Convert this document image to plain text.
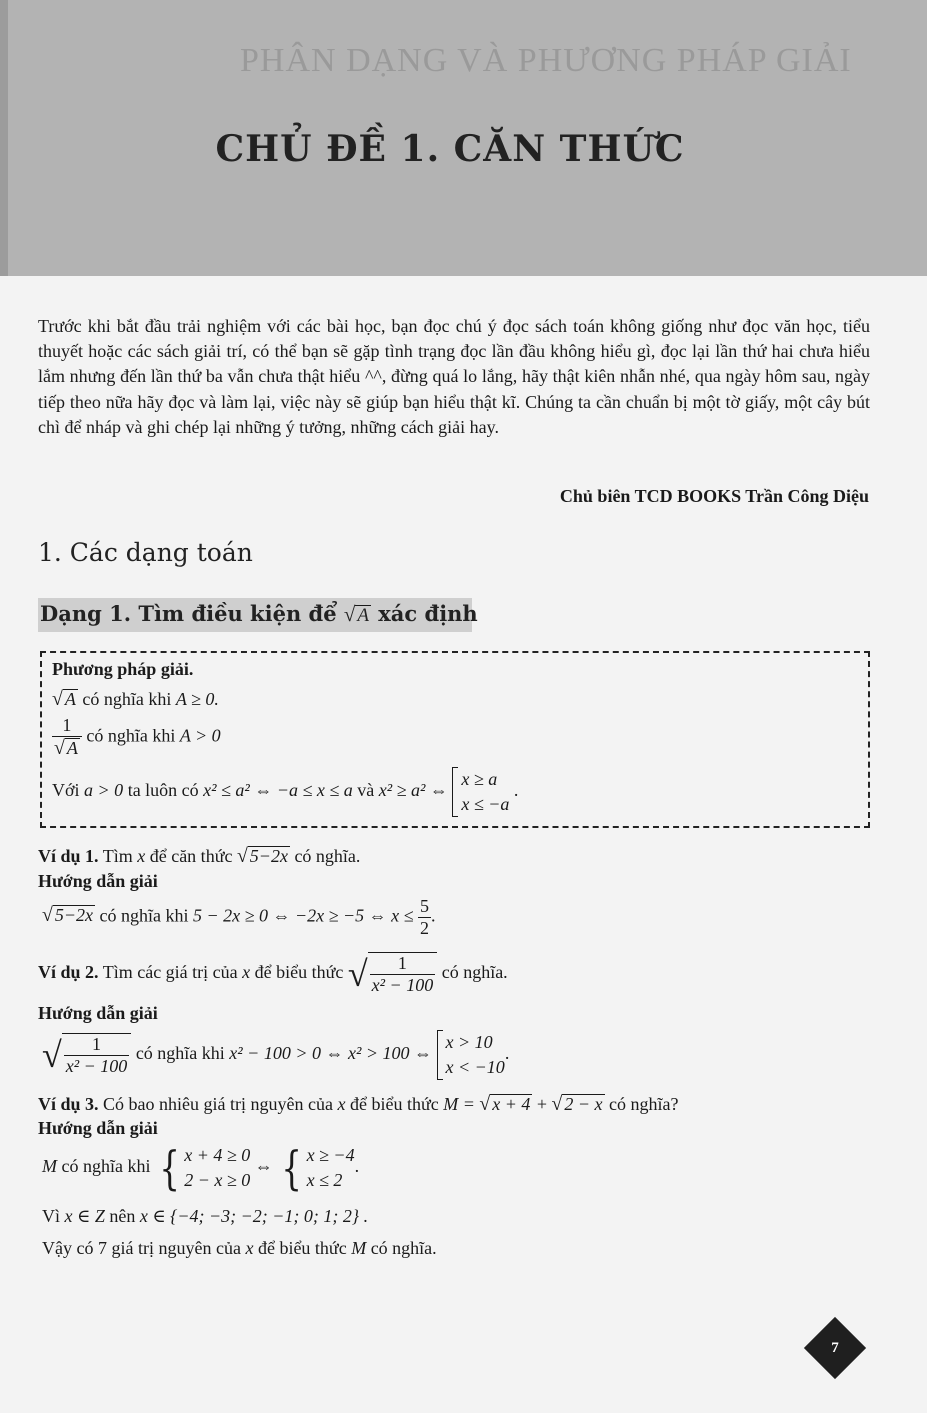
PHÂN DẠNG VÀ PHƯƠNG PHÁP GIẢI
CHỦ ĐỀ 1. CĂN THỨC

Trước khi bắt đầu trải nghiệm với các bài học, bạn đọc chú ý đọc sách toán không giống như đọc văn học, tiểu thuyết hoặc các sách giải trí, có thể bạn sẽ gặp tình trạng đọc lần đầu không hiểu gì, đọc lại lần thứ hai chưa hiểu lắm nhưng đến lần thứ ba vẫn chưa thật hiểu ^^, đừng quá lo lắng, hãy thật kiên nhẫn nhé, qua ngày hôm sau, ngày tiếp theo nữa hãy đọc và làm lại, việc này sẽ giúp bạn hiểu thật kĩ. Chúng ta cần chuẩn bị một tờ giấy, một cây bút chì để nháp và ghi chép lại những ý tưởng, những cách giải hay.

Chủ biên TCD BOOKS Trần Công Diệu
1. Các dạng toán
Dạng 1. Tìm điều kiện để √ A xác định
Phương pháp giải.
√ A có nghĩa khi A ≥ 0.
$\frac{1}{√ A}$ có nghĩa khi A > 0
Với a > 0 ta luôn có x² ≤ a² ⇔ −a ≤ x ≤ a và x² ≥ a² ⇔
x ≥ a
x ≤ −a
.
Ví dụ 1. Tìm x để căn thức √ 5−2x có nghĩa.
Hướng dẫn giải
√ 5−2x có nghĩa khi 5 − 2x ≥ 0 ⇔ −2x ≥ −5 ⇔ $x \le \frac{5}{2}$ .
Ví dụ 2. Tìm các giá trị của x để biểu thức √ $\frac{1}{\text{x² − 100}}$ có nghĩa.
Hướng dẫn giải
√ $\frac{1}{\text{x² − 100}}$ có nghĩa khi x² − 100 > 0 ⇔ x² > 100 ⇔
x > 10
x < −10
.
Ví dụ 3. Có bao nhiêu giá trị nguyên của x để biểu thức M = √ x + 4 + √ 2 − x có nghĩa?
Hướng dẫn giải
M có nghĩa khi { x + 4 ≥ 0
2 − x ≥ 0
⇔ { x ≥ −4
x ≤ 2
.
Vì x ∈ Z nên x ∈ {−4; −3; −2; −1; 0; 1; 2} .
Vậy có 7 giá trị nguyên của x để biểu thức M có nghĩa.
7
